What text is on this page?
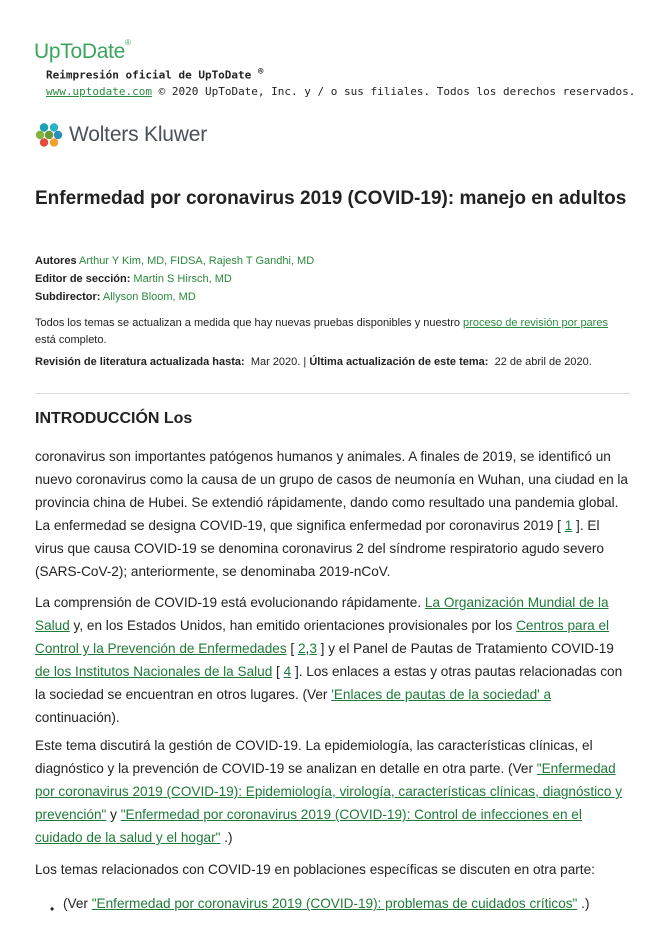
UpToDate®
Reimpresión oficial de UpToDate ®
www.uptodate.com © 2020 UpToDate, Inc. y / o sus filiales. Todos los derechos reservados.
Wolters Kluwer
Enfermedad por coronavirus 2019 (COVID-19): manejo en adultos
Autores Arthur Y Kim, MD, FIDSA, Rajesh T Gandhi, MD
Editor de sección: Martin S Hirsch, MD
Subdirector: Allyson Bloom, MD
Todos los temas se actualizan a medida que hay nuevas pruebas disponibles y nuestro proceso de revisión por pares
está completo.
Revisión de literatura actualizada hasta: Mar 2020. | Última actualización de este tema: 22 de abril de 2020.
INTRODUCCIÓN Los

coronavirus son importantes patógenos humanos y animales. A finales de 2019, se identificó un nuevo coronavirus como la causa de un grupo de casos de neumonía en Wuhan, una ciudad en la provincia china de Hubei. Se extendió rápidamente, dando como resultado una pandemia global. La enfermedad se designa COVID-19, que significa enfermedad por coronavirus 2019 [ 1 ]. El virus que causa COVID-19 se denomina coronavirus 2 del síndrome respiratorio agudo severo (SARS-CoV-2); anteriormente, se denominaba 2019-nCoV.

La comprensión de COVID-19 está evolucionando rápidamente. La Organización Mundial de la Salud y, en los Estados Unidos, han emitido orientaciones provisionales por los Centros para el Control y la Prevención de Enfermedades [ 2,3 ] y el Panel de Pautas de Tratamiento COVID-19 de los Institutos Nacionales de la Salud [ 4 ]. Los enlaces a estas y otras pautas relacionadas con la sociedad se encuentran en otros lugares. (Ver 'Enlaces de pautas de la sociedad' a continuación).

Este tema discutirá la gestión de COVID-19. La epidemiología, las características clínicas, el diagnóstico y la prevención de COVID-19 se analizan en detalle en otra parte. (Ver "Enfermedad por coronavirus 2019 (COVID-19): Epidemiología, virología, características clínicas, diagnóstico y prevención" y "Enfermedad por coronavirus 2019 (COVID-19): Control de infecciones en el cuidado de la salud y el hogar" .)

Los temas relacionados con COVID-19 en poblaciones específicas se discuten en otra parte:

• (Ver "Enfermedad por coronavirus 2019 (COVID-19): problemas de cuidados críticos" .)
